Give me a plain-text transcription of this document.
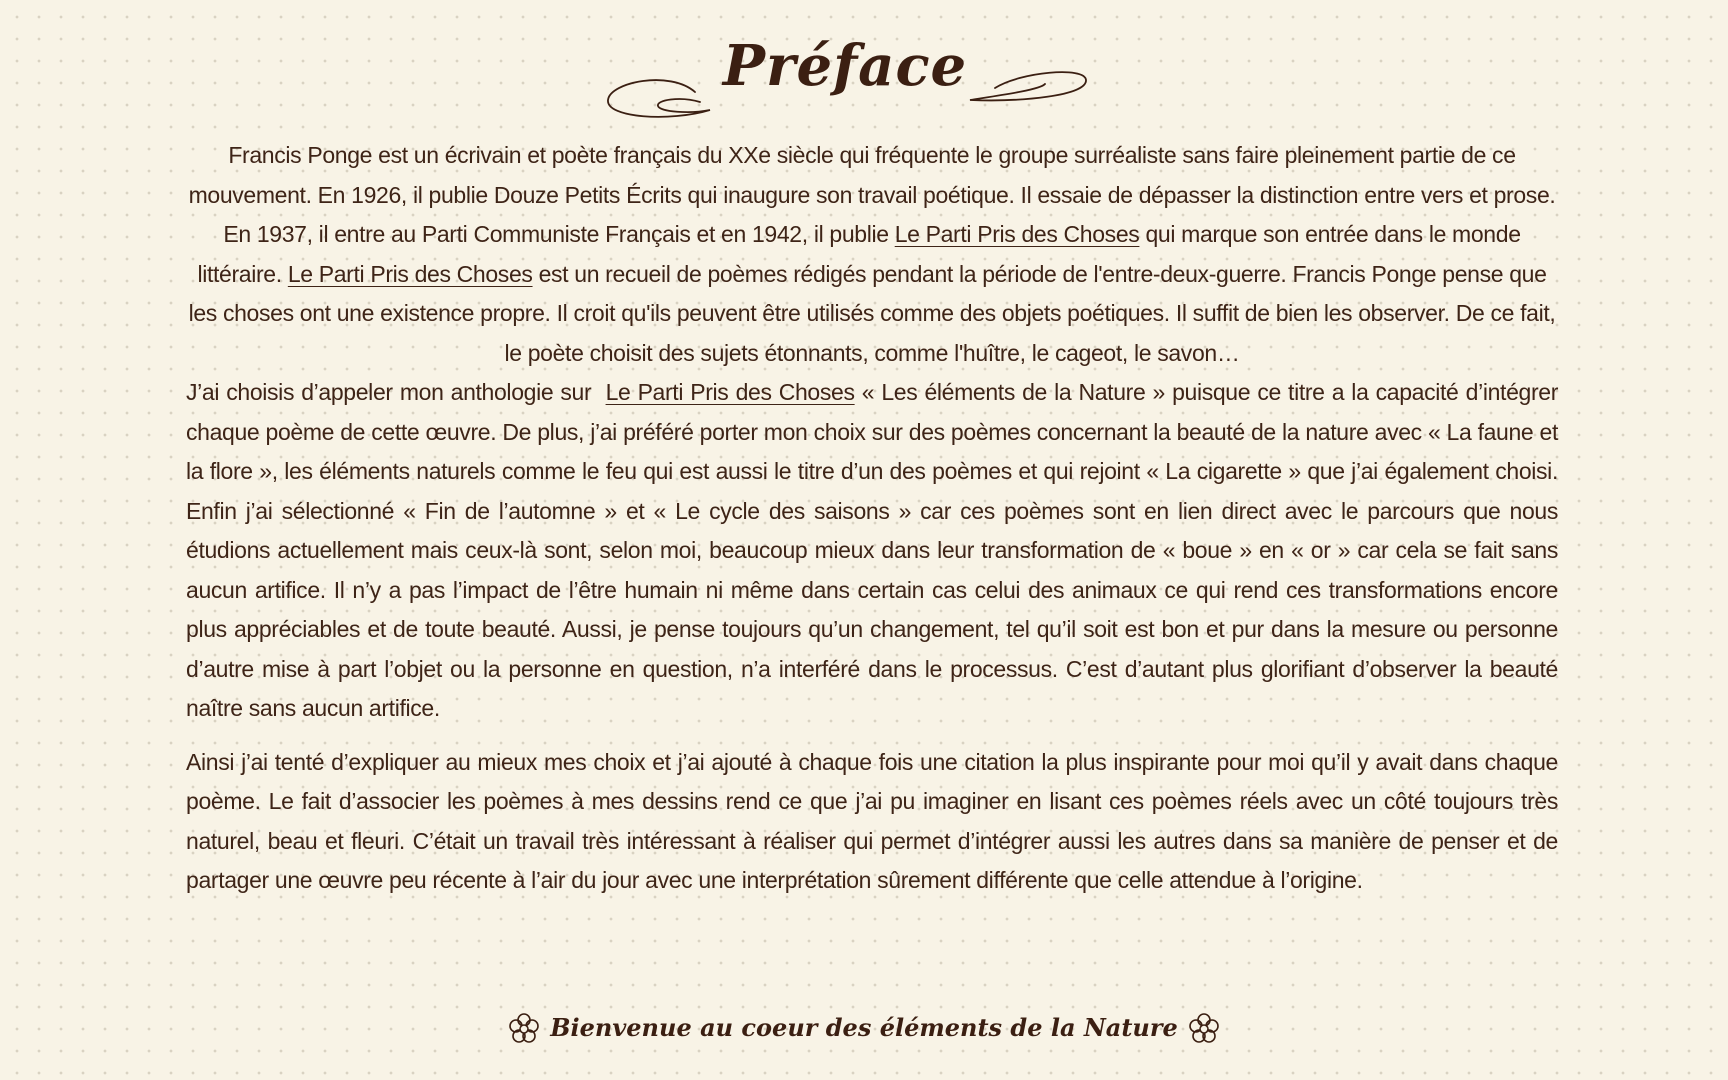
Préface

Francis Ponge est un écrivain et poète français du XXe siècle qui fréquente le groupe surréaliste sans faire pleinement partie de ce mouvement. En 1926, il publie Douze Petits Écrits qui inaugure son travail poétique. Il essaie de dépasser la distinction entre vers et prose. En 1937, il entre au Parti Communiste Français et en 1942, il publie Le Parti Pris des Choses qui marque son entrée dans le monde littéraire. Le Parti Pris des Choses est un recueil de poèmes rédigés pendant la période de l'entre-deux-guerre. Francis Ponge pense que les choses ont une existence propre. Il croit qu'ils peuvent être utilisés comme des objets poétiques. Il suffit de bien les observer. De ce fait, le poète choisit des sujets étonnants, comme l'huître, le cageot, le savon…

J’ai choisis d’appeler mon anthologie sur  Le Parti Pris des Choses « Les éléments de la Nature » puisque ce titre a la capacité d’intégrer chaque poème de cette œuvre. De plus, j’ai préféré porter mon choix sur des poèmes concernant la beauté de la nature avec « La faune et la flore », les éléments naturels comme le feu qui est aussi le titre d’un des poèmes et qui rejoint « La cigarette » que j’ai également choisi. Enfin j’ai sélectionné « Fin de l’automne » et « Le cycle des saisons » car ces poèmes sont en lien direct avec le parcours que nous étudions actuellement mais ceux-là sont, selon moi, beaucoup mieux dans leur transformation de « boue » en « or » car cela se fait sans aucun artifice. Il n’y a pas l’impact de l’être humain ni même dans certain cas celui des animaux ce qui rend ces transformations encore plus appréciables et de toute beauté. Aussi, je pense toujours qu’un changement, tel qu’il soit est bon et pur dans la mesure ou personne d’autre mise à part l’objet ou la personne en question, n’a interféré dans le processus. C’est d’autant plus glorifiant d’observer la beauté naître sans aucun artifice.

Ainsi j’ai tenté d’expliquer au mieux mes choix et j’ai ajouté à chaque fois une citation la plus inspirante pour moi qu’il y avait dans chaque poème. Le fait d’associer les poèmes à mes dessins rend ce que j’ai pu imaginer en lisant ces poèmes réels avec un côté toujours très naturel, beau et fleuri. C’était un travail très intéressant à réaliser qui permet d’intégrer aussi les autres dans sa manière de penser et de partager une œuvre peu récente à l’air du jour avec une interprétation sûrement différente que celle attendue à l’origine.

Bienvenue au coeur des éléments de la Nature
